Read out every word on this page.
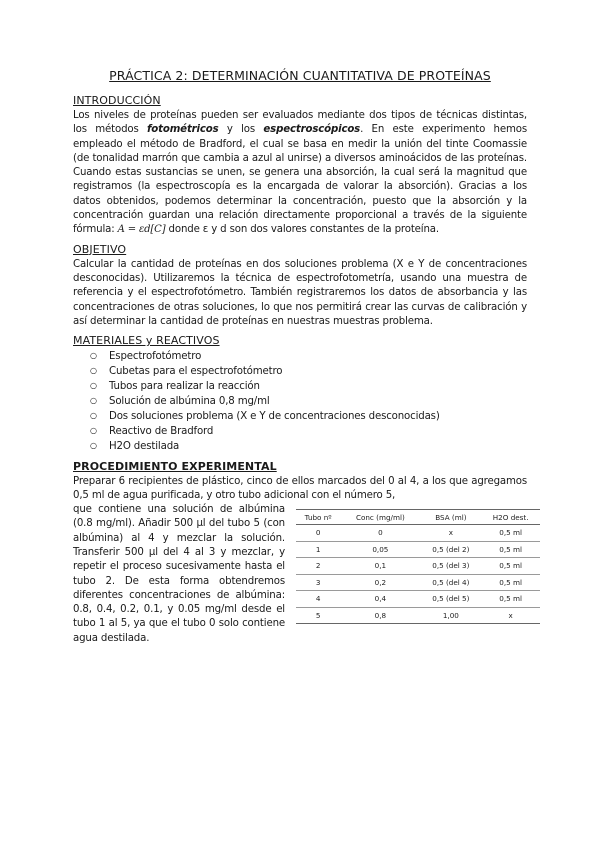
PRÁCTICA 2: DETERMINACIÓN CUANTITATIVA DE PROTEÍNAS
INTRODUCCIÓN

Los niveles de proteínas pueden ser evaluados mediante dos tipos de técnicas distintas, los métodos fotométricos y los espectroscópicos. En este experimento hemos empleado el método de Bradford, el cual se basa en medir la unión del tinte Coomassie (de tonalidad marrón que cambia a azul al unirse) a diversos aminoácidos de las proteínas. Cuando estas sustancias se unen, se genera una absorción, la cual será la magnitud que registramos (la espectroscopía es la encargada de valorar la absorción). Gracias a los datos obtenidos, podemos determinar la concentración, puesto que la absorción y la concentración guardan una relación directamente proporcional a través de la siguiente fórmula: A = εd[C] donde ε y d son dos valores constantes de la proteína.

OBJETIVO

Calcular la cantidad de proteínas en dos soluciones problema (X e Y de concentraciones desconocidas). Utilizaremos la técnica de espectrofotometría, usando una muestra de referencia y el espectrofotómetro. También registraremos los datos de absorbancia y las concentraciones de otras soluciones, lo que nos permitirá crear las curvas de calibración y así determinar la cantidad de proteínas en nuestras muestras problema.

MATERIALES y REACTIVOS
○ Espectrofotómetro
○ Cubetas para el espectrofotómetro
○ Tubos para realizar la reacción
○ Solución de albúmina 0,8 mg/ml
○ Dos soluciones problema (X e Y de concentraciones desconocidas)
○ Reactivo de Bradford
○ H2O destilada
PROCEDIMIENTO EXPERIMENTAL

Preparar 6 recipientes de plástico, cinco de ellos marcados del 0 al 4, a los que agregamos 0,5 ml de agua purificada, y otro tubo adicional con el número 5,

que contiene una solución de albúmina (0.8 mg/ml). Añadir 500 µl del tubo 5 (con albúmina) al 4 y mezclar la solución. Transferir 500 µl del 4 al 3 y mezclar, y repetir el proceso sucesivamente hasta el tubo 2. De esta forma obtendremos diferentes concentraciones de albúmina: 0.8, 0.4, 0.2, 0.1, y 0.05 mg/ml desde el tubo 1 al 5, ya que el tubo 0 solo contiene agua destilada.

Tubo nº	Conc (mg/ml)	BSA (ml)	H2O dest.
0	0	x	0,5 ml
1	0,05	0,5 (del 2)	0,5 ml
2	0,1	0,5 (del 3)	0,5 ml
3	0,2	0,5 (del 4)	0,5 ml
4	0,4	0,5 (del 5)	0,5 ml
5	0,8	1,00	x
